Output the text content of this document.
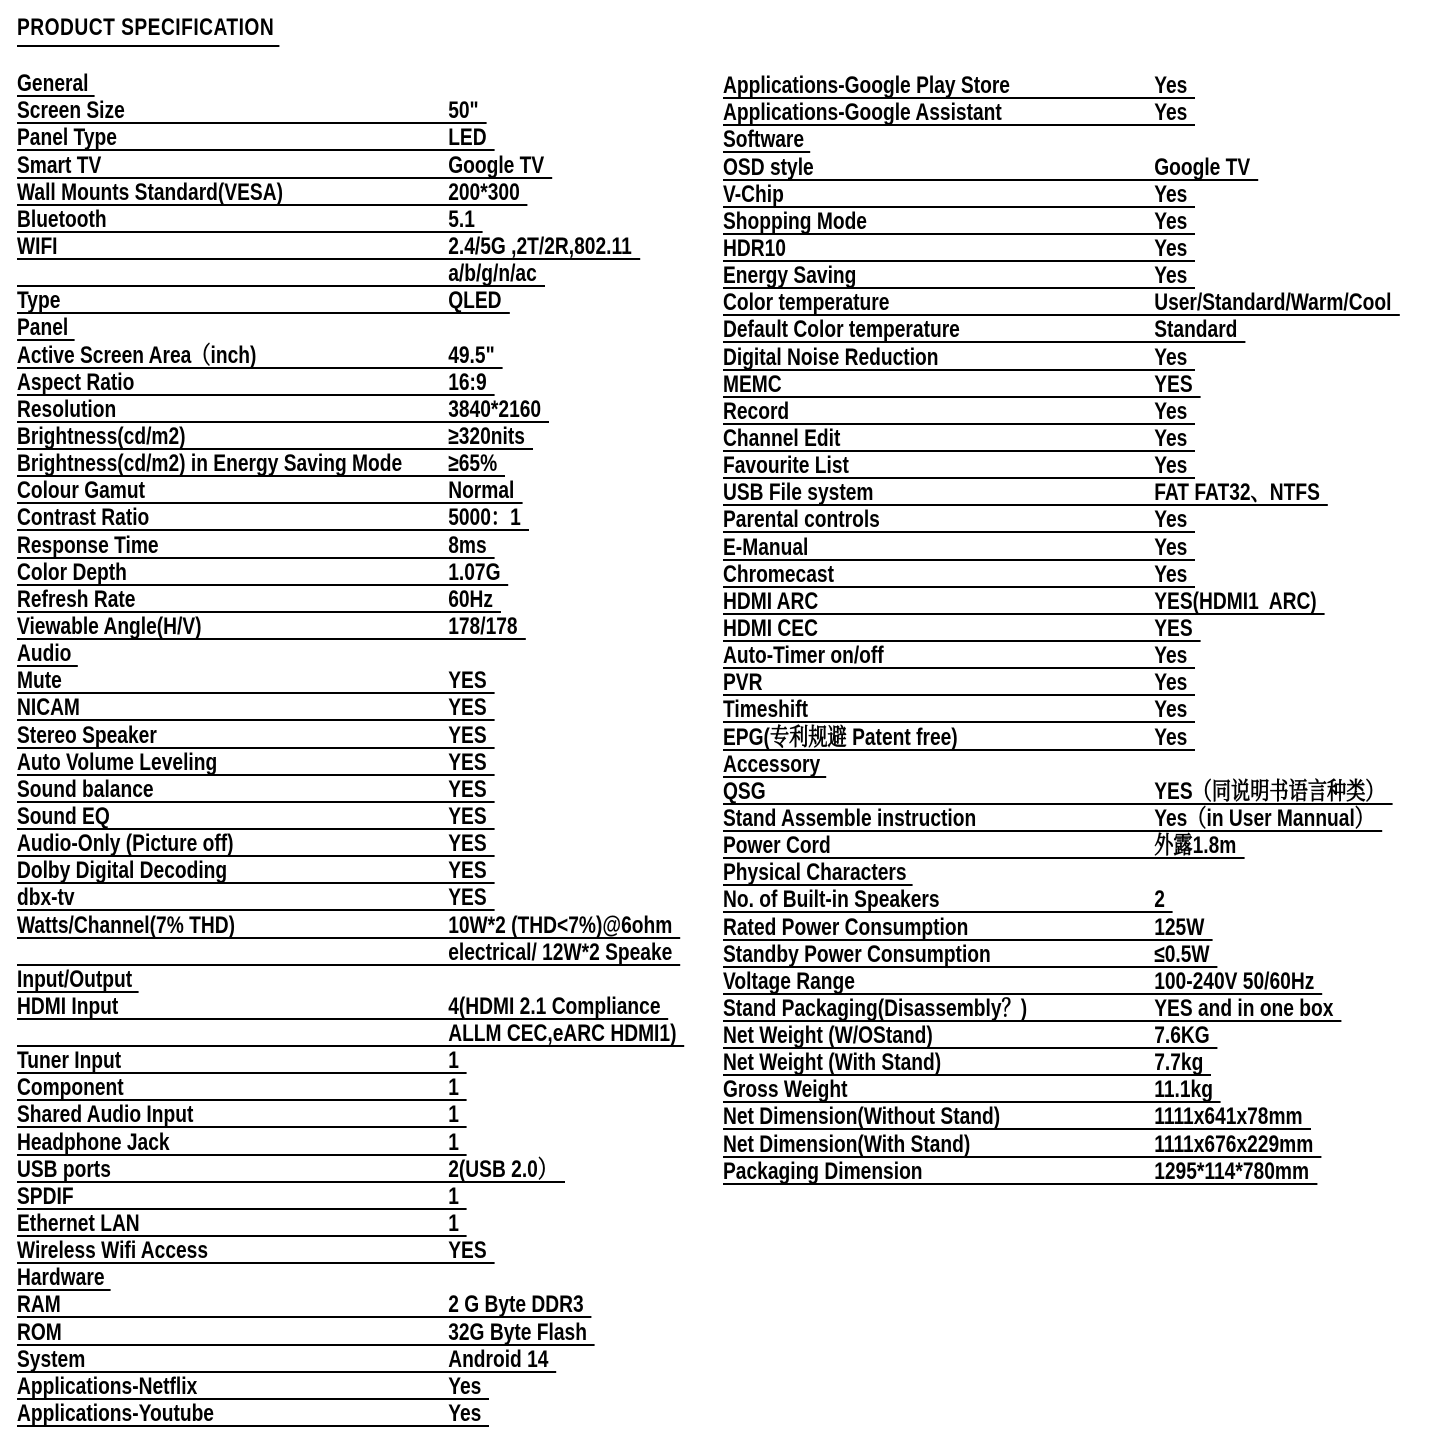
PRODUCT SPECIFICATION
General
Screen Size	50"
Panel Type	LED
Smart TV	Google TV
Wall Mounts Standard(VESA)	200*300
Bluetooth	5.1
WIFI	2.4/5G ,2T/2R,802.11
a/b/g/n/ac
Type	QLED
Panel
Active Screen Area（inch)	49.5"
Aspect Ratio	16:9
Resolution	3840*2160
Brightness(cd/m2)	≥320nits
Brightness(cd/m2) in Energy Saving Mode	≥65%
Colour Gamut	Normal
Contrast Ratio	5000：1
Response Time	8ms
Color Depth	1.07G
Refresh Rate	60Hz
Viewable Angle(H/V)	178/178
Audio
Mute	YES
NICAM	YES
Stereo Speaker	YES
Auto Volume Leveling	YES
Sound balance	YES
Sound EQ	YES
Audio-Only (Picture off)	YES
Dolby Digital Decoding	YES
dbx-tv	YES
Watts/Channel(7% THD)	10W*2 (THD<7%)@6ohm
electrical/ 12W*2 Speake
Input/Output
HDMI Input	4(HDMI 2.1 Compliance
ALLM CEC,eARC HDMI1)
Tuner Input	1
Component	1
Shared Audio Input	1
Headphone Jack	1
USB ports	2(USB 2.0）
SPDIF	1
Ethernet LAN	1
Wireless Wifi Access	YES
Hardware
RAM	2 G Byte DDR3
ROM	32G Byte Flash
System	Android 14
Applications-Netflix	Yes
Applications-Youtube	Yes
Applications-Google Play Store	Yes
Applications-Google Assistant	Yes
Software
OSD style	Google TV
V-Chip	Yes
Shopping Mode	Yes
HDR10	Yes
Energy Saving	Yes
Color temperature	User/Standard/Warm/Cool
Default Color temperature	Standard
Digital Noise Reduction	Yes
MEMC	YES
Record	Yes
Channel Edit	Yes
Favourite List	Yes
USB File system	FAT FAT32、NTFS
Parental controls	Yes
E-Manual	Yes
Chromecast	Yes
HDMI ARC	YES(HDMI1  ARC)
HDMI CEC	YES
Auto-Timer on/off	Yes
PVR	Yes
Timeshift	Yes
EPG(专利规避 Patent free)	Yes
Accessory
QSG	YES（同说明书语言种类）
Stand Assemble instruction	Yes（in User Mannual）
Power Cord	外露1.8m
Physical Characters
No. of Built-in Speakers	2
Rated Power Consumption	125W
Standby Power Consumption	≤0.5W
Voltage Range	100-240V 50/60Hz
Stand Packaging(Disassembly？)	YES and in one box
Net Weight (W/OStand)	7.6KG
Net Weight (With Stand)	7.7kg
Gross Weight	11.1kg
Net Dimension(Without Stand)	1111x641x78mm
Net Dimension(With Stand)	1111x676x229mm
Packaging Dimension	1295*114*780mm
